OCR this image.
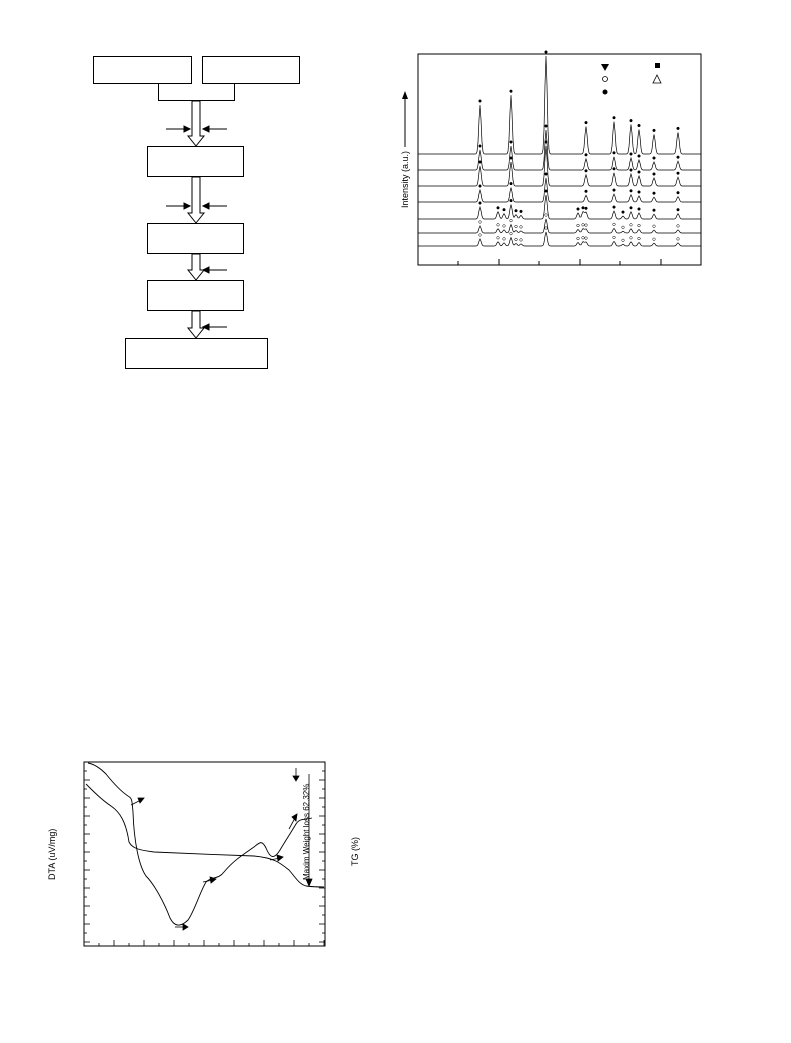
Intensity (a.u.)
DTA (uV/mg)	TG (%)
Maxim Weight loss 62.32%
